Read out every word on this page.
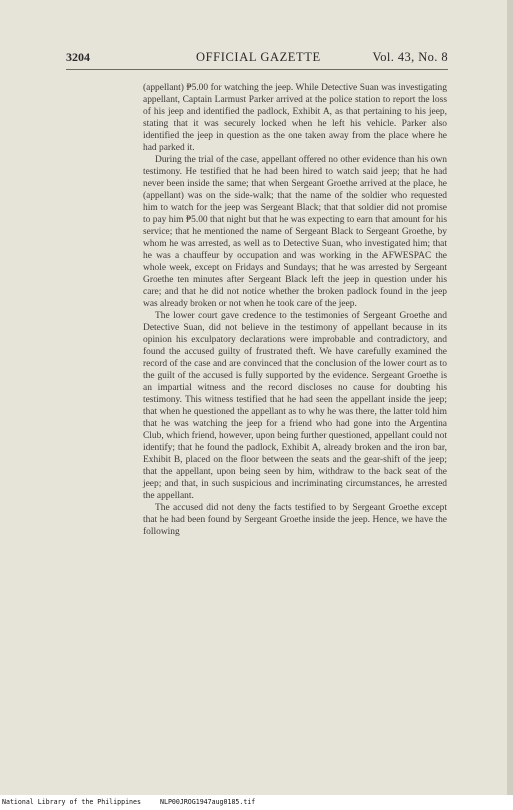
3204	OFFICIAL GAZETTE	Vol. 43, No. 8

(appellant) ₱5.00 for watching the jeep. While Detective Suan was investigating appellant, Captain Larmust Parker arrived at the police station to report the loss of his jeep and identified the padlock, Exhibit A, as that pertaining to his jeep, stating that it was securely locked when he left his vehicle. Parker also identified the jeep in question as the one taken away from the place where he had parked it.

During the trial of the case, appellant offered no other evidence than his own testimony. He testified that he had been hired to watch said jeep; that he had never been inside the same; that when Sergeant Groethe arrived at the place, he (appellant) was on the side-walk; that the name of the soldier who requested him to watch for the jeep was Sergeant Black; that that soldier did not promise to pay him ₱5.00 that night but that he was expecting to earn that amount for his service; that he mentioned the name of Sergeant Black to Sergeant Groethe, by whom he was arrested, as well as to Detective Suan, who investigated him; that he was a chauffeur by occupation and was working in the AFWESPAC the whole week, except on Fridays and Sundays; that he was arrested by Sergeant Groethe ten minutes after Sergeant Black left the jeep in question under his care; and that he did not notice whether the broken padlock found in the jeep was already broken or not when he took care of the jeep.

The lower court gave credence to the testimonies of Sergeant Groethe and Detective Suan, did not believe in the testimony of appellant because in its opinion his exculpatory declarations were improbable and contradictory, and found the accused guilty of frustrated theft. We have carefully examined the record of the case and are convinced that the conclusion of the lower court as to the guilt of the accused is fully supported by the evidence. Sergeant Groethe is an impartial witness and the record discloses no cause for doubting his testimony. This witness testified that he had seen the appellant inside the jeep; that when he questioned the appellant as to why he was there, the latter told him that he was watching the jeep for a friend who had gone into the Argentina Club, which friend, however, upon being further questioned, appellant could not identify; that he found the padlock, Exhibit A, already broken and the iron bar, Exhibit B, placed on the floor between the seats and the gear-shift of the jeep; that the appellant, upon being seen by him, withdraw to the back seat of the jeep; and that, in such suspicious and incriminating circumstances, he arrested the appellant.

The accused did not deny the facts testified to by Sergeant Groethe except that he had been found by Sergeant Groethe inside the jeep. Hence, we have the following

National Library of the Philippines	NLP00JROG1947aug0185.tif
